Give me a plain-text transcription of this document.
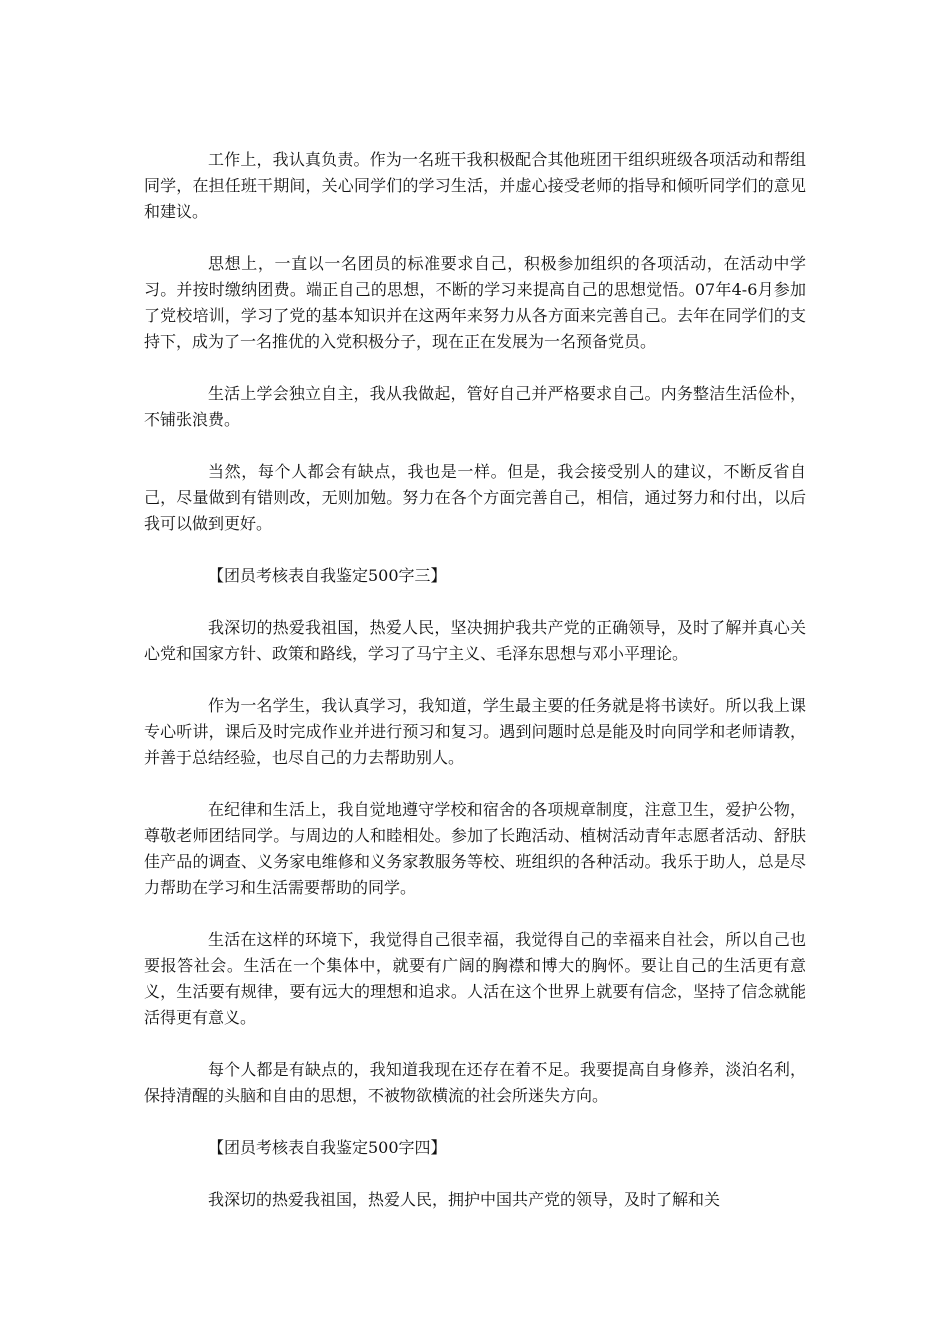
工作上，我认真负责。作为一名班干我积极配合其他班团干组织班级各项活动和帮组同学，在担任班干期间，关心同学们的学习生活，并虚心接受老师的指导和倾听同学们的意见和建议。

思想上，一直以一名团员的标准要求自己，积极参加组织的各项活动，在活动中学习。并按时缴纳团费。端正自己的思想，不断的学习来提高自己的思想觉悟。07年4-6月参加了党校培训，学习了党的基本知识并在这两年来努力从各方面来完善自己。去年在同学们的支持下，成为了一名推优的入党积极分子，现在正在发展为一名预备党员。

生活上学会独立自主，我从我做起，管好自己并严格要求自己。内务整洁生活俭朴，不铺张浪费。

当然，每个人都会有缺点，我也是一样。但是，我会接受别人的建议，不断反省自己，尽量做到有错则改，无则加勉。努力在各个方面完善自己，相信，通过努力和付出，以后我可以做到更好。

【团员考核表自我鉴定500字三】

我深切的热爱我祖国，热爱人民，坚决拥护我共产党的正确领导，及时了解并真心关心党和国家方针、政策和路线，学习了马宁主义、毛泽东思想与邓小平理论。

作为一名学生，我认真学习，我知道，学生最主要的任务就是将书读好。所以我上课专心听讲，课后及时完成作业并进行预习和复习。遇到问题时总是能及时向同学和老师请教，并善于总结经验，也尽自己的力去帮助别人。

在纪律和生活上，我自觉地遵守学校和宿舍的各项规章制度，注意卫生，爱护公物，尊敬老师团结同学。与周边的人和睦相处。参加了长跑活动、植树活动青年志愿者活动、舒肤佳产品的调查、义务家电维修和义务家教服务等校、班组织的各种活动。我乐于助人，总是尽力帮助在学习和生活需要帮助的同学。

生活在这样的环境下，我觉得自己很幸福，我觉得自己的幸福来自社会，所以自己也要报答社会。生活在一个集体中，就要有广阔的胸襟和博大的胸怀。要让自己的生活更有意义，生活要有规律，要有远大的理想和追求。人活在这个世界上就要有信念，坚持了信念就能活得更有意义。

每个人都是有缺点的，我知道我现在还存在着不足。我要提高自身修养，淡泊名利，保持清醒的头脑和自由的思想，不被物欲横流的社会所迷失方向。

【团员考核表自我鉴定500字四】

我深切的热爱我祖国，热爱人民，拥护中国共产党的领导，及时了解和关
